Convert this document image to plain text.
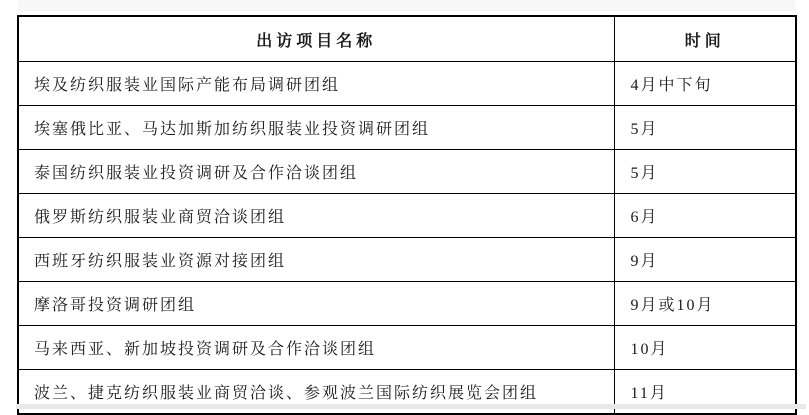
出访项目名称	时间
埃及纺织服装业国际产能布局调研团组	4月中下旬
埃塞俄比亚、马达加斯加纺织服装业投资调研团组	5月
泰国纺织服装业投资调研及合作洽谈团组	5月
俄罗斯纺织服装业商贸洽谈团组	6月
西班牙纺织服装业资源对接团组	9月
摩洛哥投资调研团组	9月或10月
马来西亚、新加坡投资调研及合作洽谈团组	10月
波兰、捷克纺织服装业商贸洽谈、参观波兰国际纺织展览会团组	11月
